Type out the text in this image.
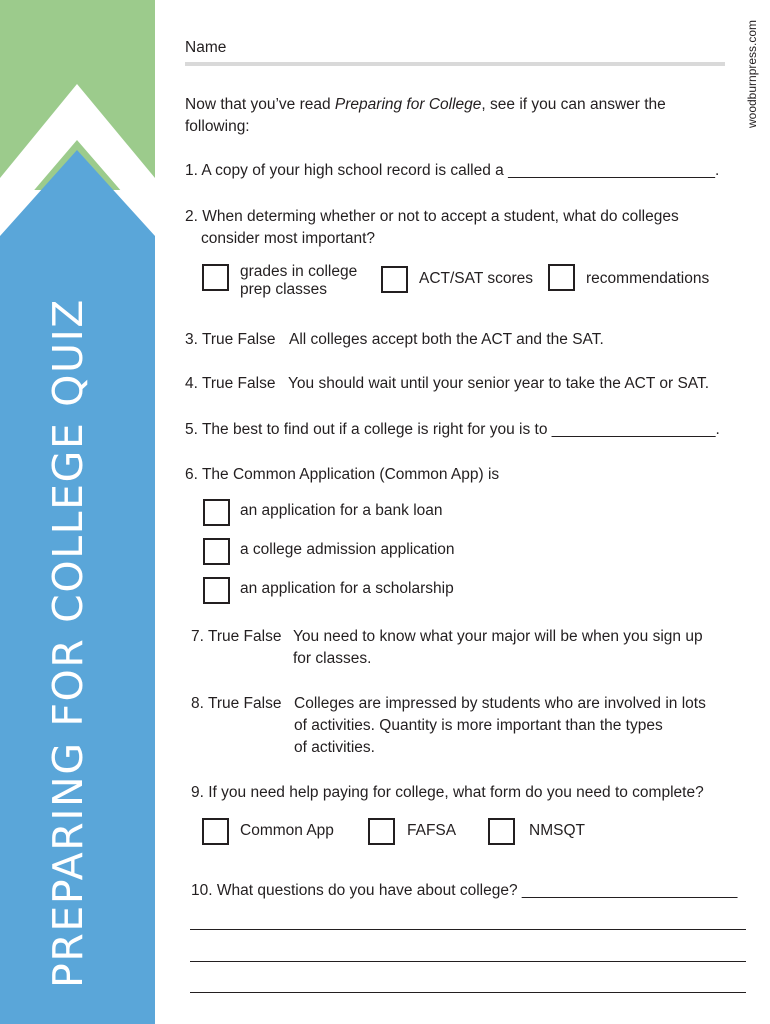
PREPARING FOR COLLEGE QUIZ
woodburnpress.com
Name
Now that you’ve read Preparing for College, see if you can answer the following:
1. A copy of your high school record is called a ________________________.
2. When determing whether or not to accept a student, what do colleges
consider most important?
grades in college
prep classes
ACT/SAT scores	recommendations
3. True False All colleges accept both the ACT and the SAT.
4. True False You should wait until your senior year to take the ACT or SAT.
5. The best to find out if a college is right for you is to ___________________.
6. The Common Application (Common App) is
an application for a bank loan
a college admission application
an application for a scholarship
7. True False You need to know what your major will be when you sign up
for classes.
8. True False Colleges are impressed by students who are involved in lots
of activities. Quantity is more important than the types
of activities.
9. If you need help paying for college, what form do you need to complete?
Common App	FAFSA	NMSQT
10. What questions do you have about college? _________________________
